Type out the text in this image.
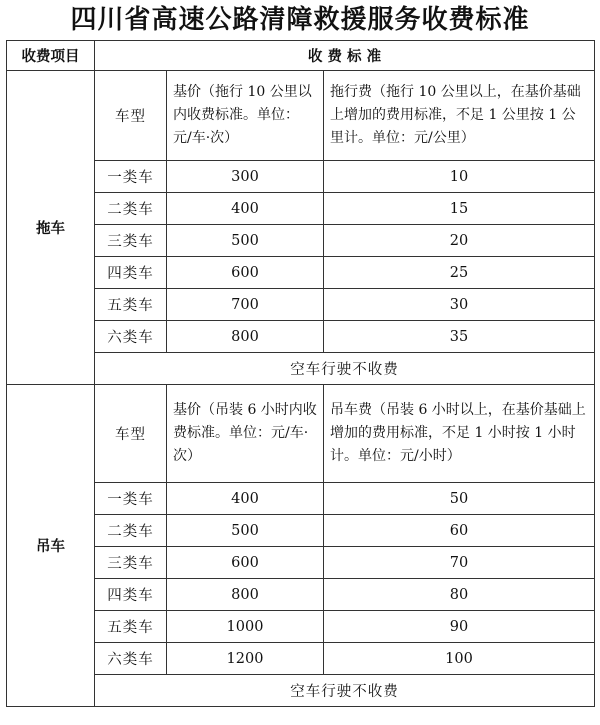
四川省高速公路清障救援服务收费标准
收费项目	收 费 标 准		
拖车	车型	基价（拖行 10 公里以内收费标准。单位：元/车·次）	拖行费（拖行 10 公里以上，在基价基础上增加的费用标准，不足 1 公里按 1 公里计。单位：元/公里）
	一类车	300	10
	二类车	400	15
	三类车	500	20
	四类车	600	25
	五类车	700	30
	六类车	800	35
	空车行驶不收费		
吊车	车型	基价（吊装 6 小时内收费标准。单位：元/车·次）	吊车费（吊装 6 小时以上，在基价基础上增加的费用标准，不足 1 小时按 1 小时计。单位：元/小时）
	一类车	400	50
	二类车	500	60
	三类车	600	70
	四类车	800	80
	五类车	1000	90
	六类车	1200	100
	空车行驶不收费		
